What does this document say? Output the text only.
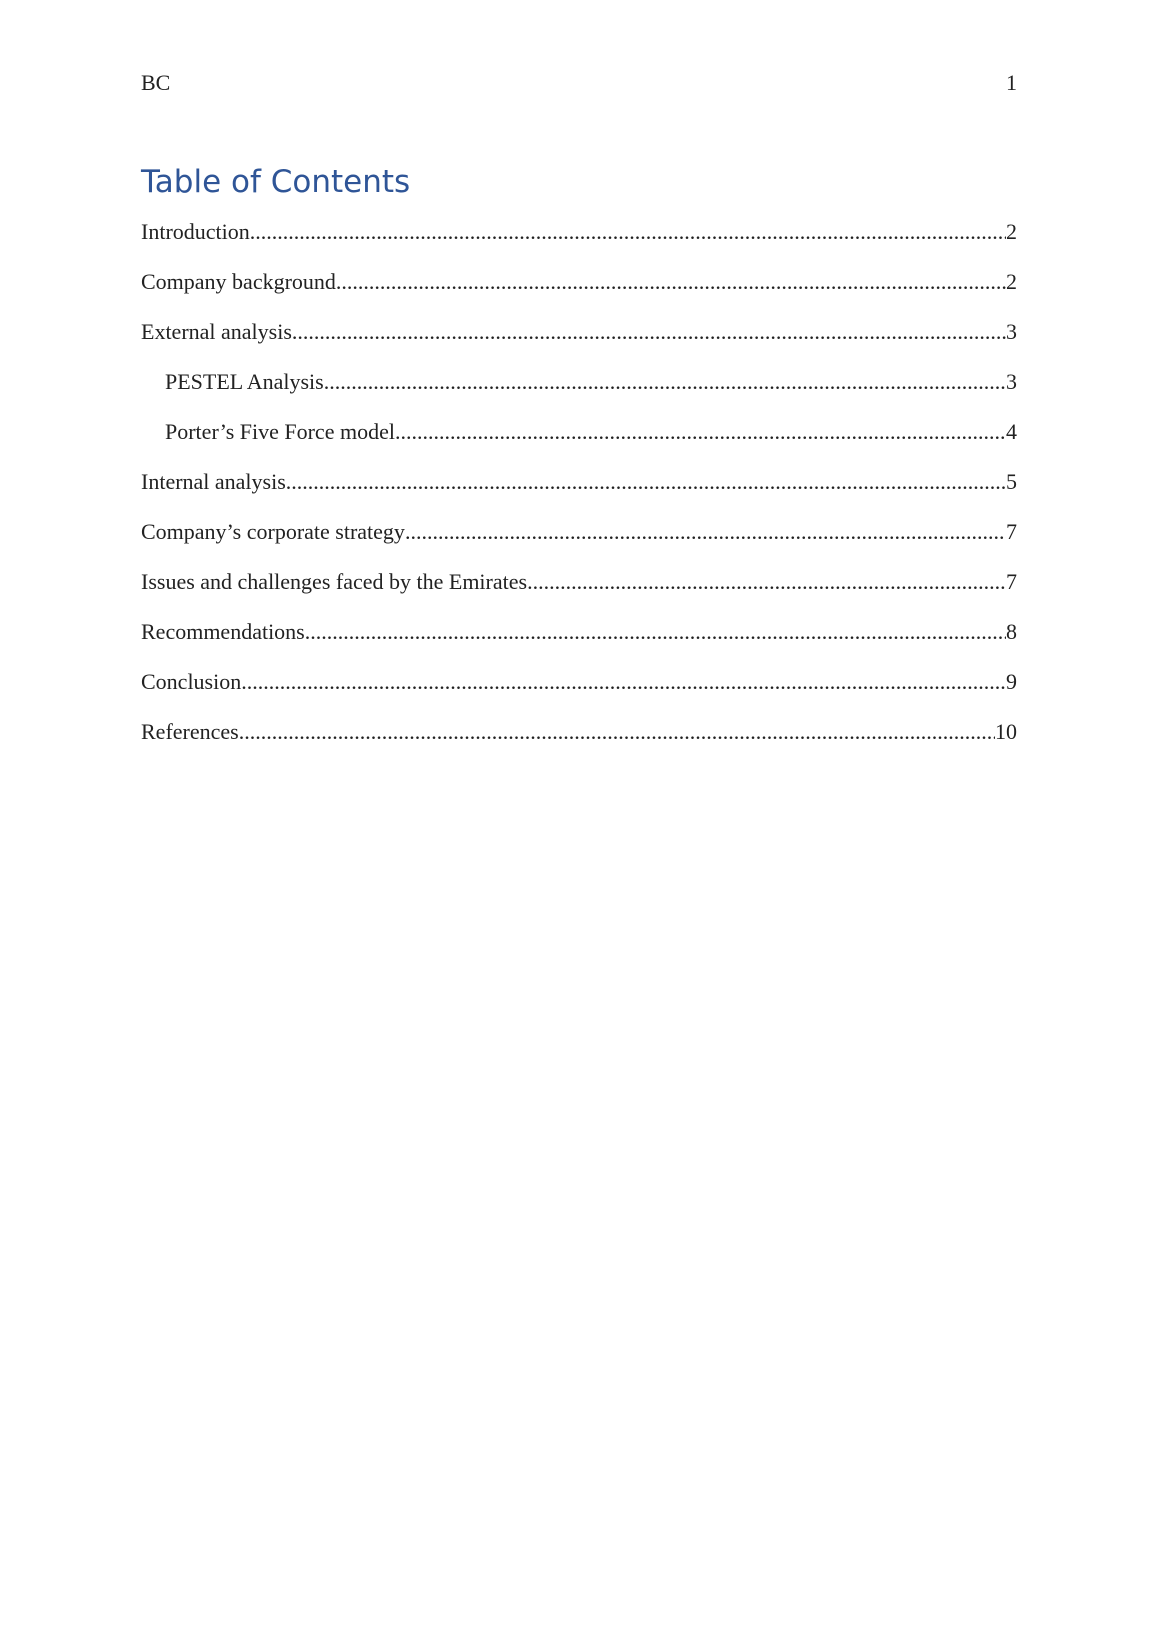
BC	1
Table of Contents
Introduction .....	2
Company background .....	2
External analysis .....	3
PESTEL Analysis .....	3
Porter’s Five Force model .....	4
Internal analysis .....	5
Company’s corporate strategy .....	7
Issues and challenges faced by the Emirates .....	7
Recommendations .....	8
Conclusion .....	9
References .....	10
